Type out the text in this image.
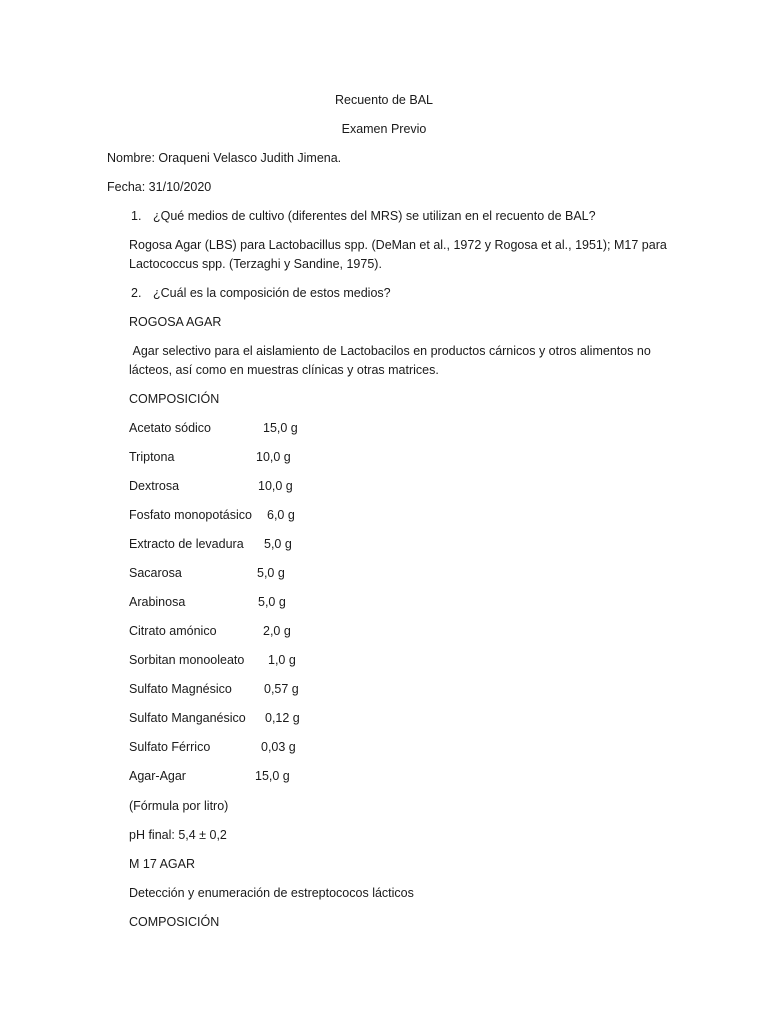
Recuento de BAL
Examen Previo
Nombre: Oraqueni Velasco Judith Jimena.
Fecha: 31/10/2020
1. ¿Qué medios de cultivo (diferentes del MRS) se utilizan en el recuento de BAL?
Rogosa Agar (LBS) para Lactobacillus spp. (DeMan et al., 1972 y Rogosa et al., 1951); M17 para Lactococcus spp. (Terzaghi y Sandine, 1975).
2. ¿Cuál es la composición de estos medios?
ROGOSA AGAR
Agar selectivo para el aislamiento de Lactobacilos en productos cárnicos y otros alimentos no lácteos, así como en muestras clínicas y otras matrices.
COMPOSICIÓN
Acetato sódico	15,0 g
Triptona	10,0 g
Dextrosa	10,0 g
Fosfato monopotásico 6,0 g
Extracto de levadura 5,0 g
Sacarosa	5,0 g
Arabinosa	5,0 g
Citrato amónico	2,0 g
Sorbitan monooleato 1,0 g
Sulfato Magnésico	0,57 g
Sulfato Manganésico 0,12 g
Sulfato Férrico	0,03 g
Agar-Agar	15,0 g
(Fórmula por litro)
pH final: 5,4 ± 0,2
M 17 AGAR
Detección y enumeración de estreptococos lácticos
COMPOSICIÓN
